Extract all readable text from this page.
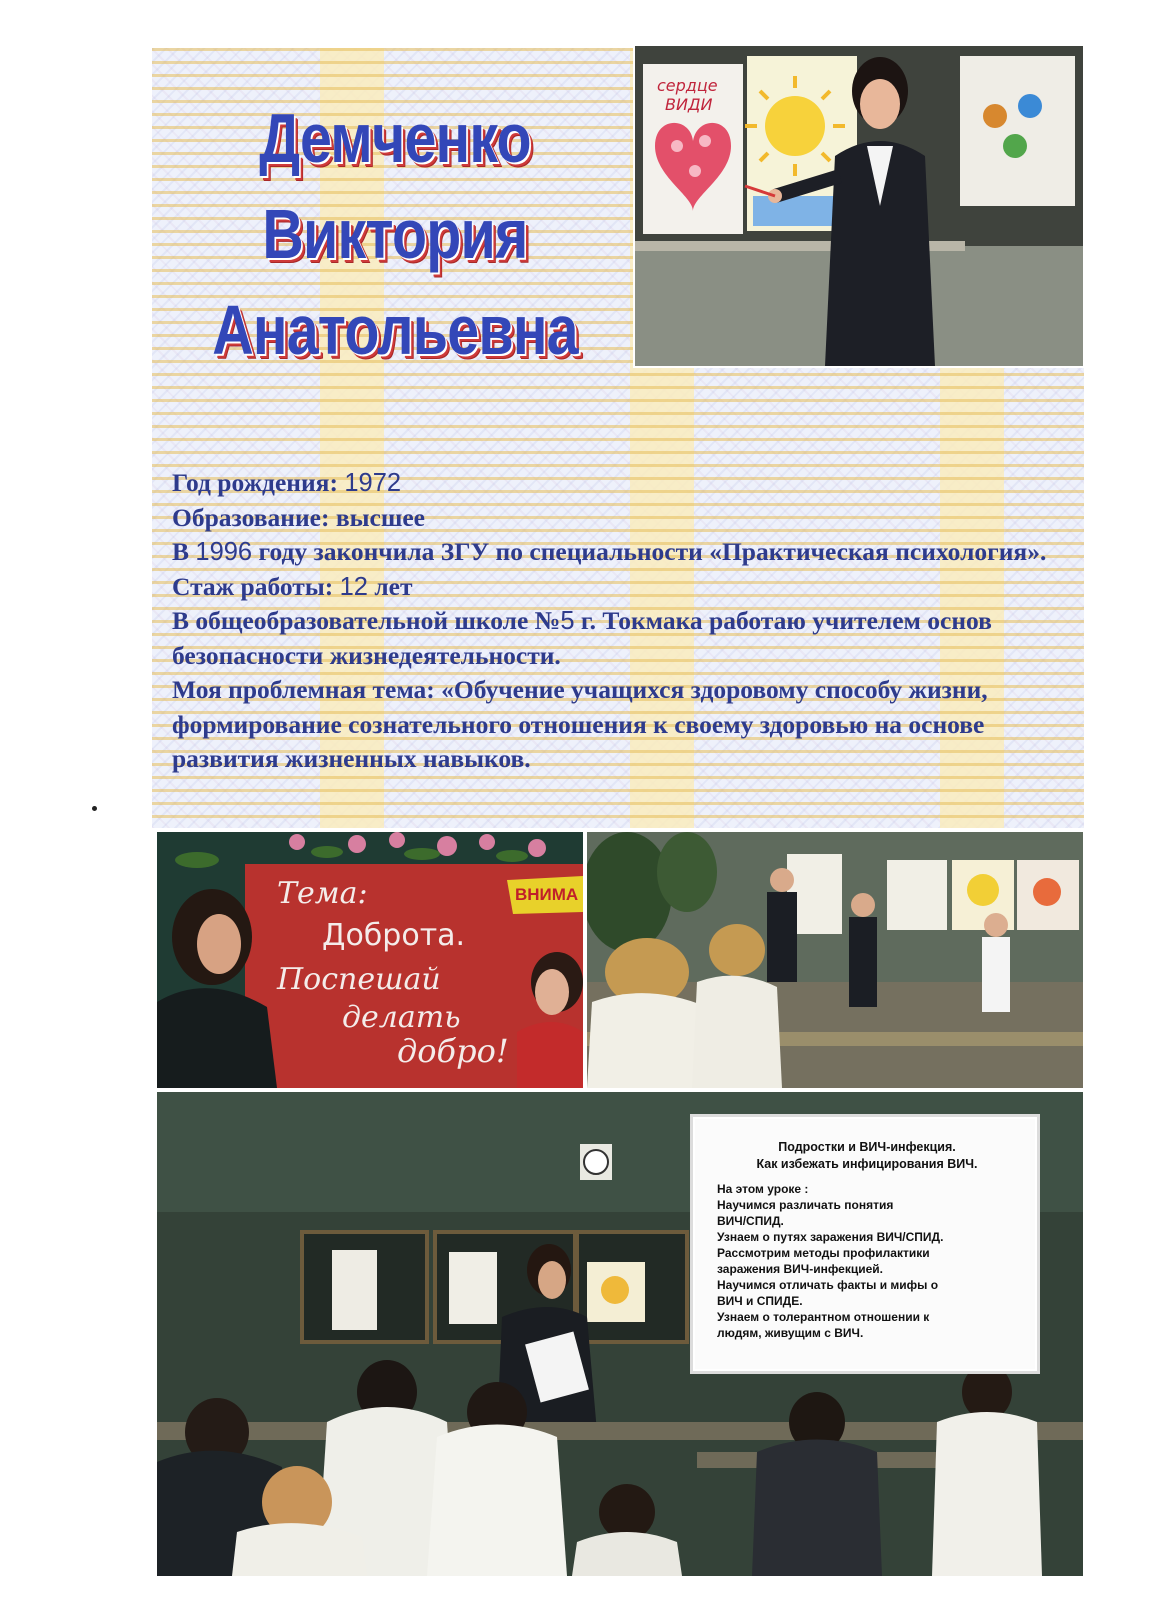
Демченко
Виктория
Анатольевна
сердцe
ВИДИ

Год рождения: 1972

Образование: высшее

В 1996 году закончила ЗГУ по специальности «Практическая психология».

Стаж работы: 12 лет

В общеобразовательной школе №5 г. Токмака работаю учителем основ безопасности жизнедеятельности.

Моя проблемная тема: «Обучение учащихся здоровому способу жизни, формирование сознательного отношения к своему здоровью на основе развития жизненных навыков.

Тема:
Доброта.
Поспешай
делать
добро!
ВНИМА
Подростки и ВИЧ-инфекция.
Как избежать инфицирования ВИЧ.
На этом уроке :
Научимся различать понятия
ВИЧ/СПИД.
Узнаем о путях заражения ВИЧ/СПИД.
Рассмотрим методы профилактики
заражения ВИЧ-инфекцией.
Научимся отличать факты и мифы о
ВИЧ и СПИДЕ.
Узнаем о толерантном отношении к
людям, живущим с ВИЧ.
